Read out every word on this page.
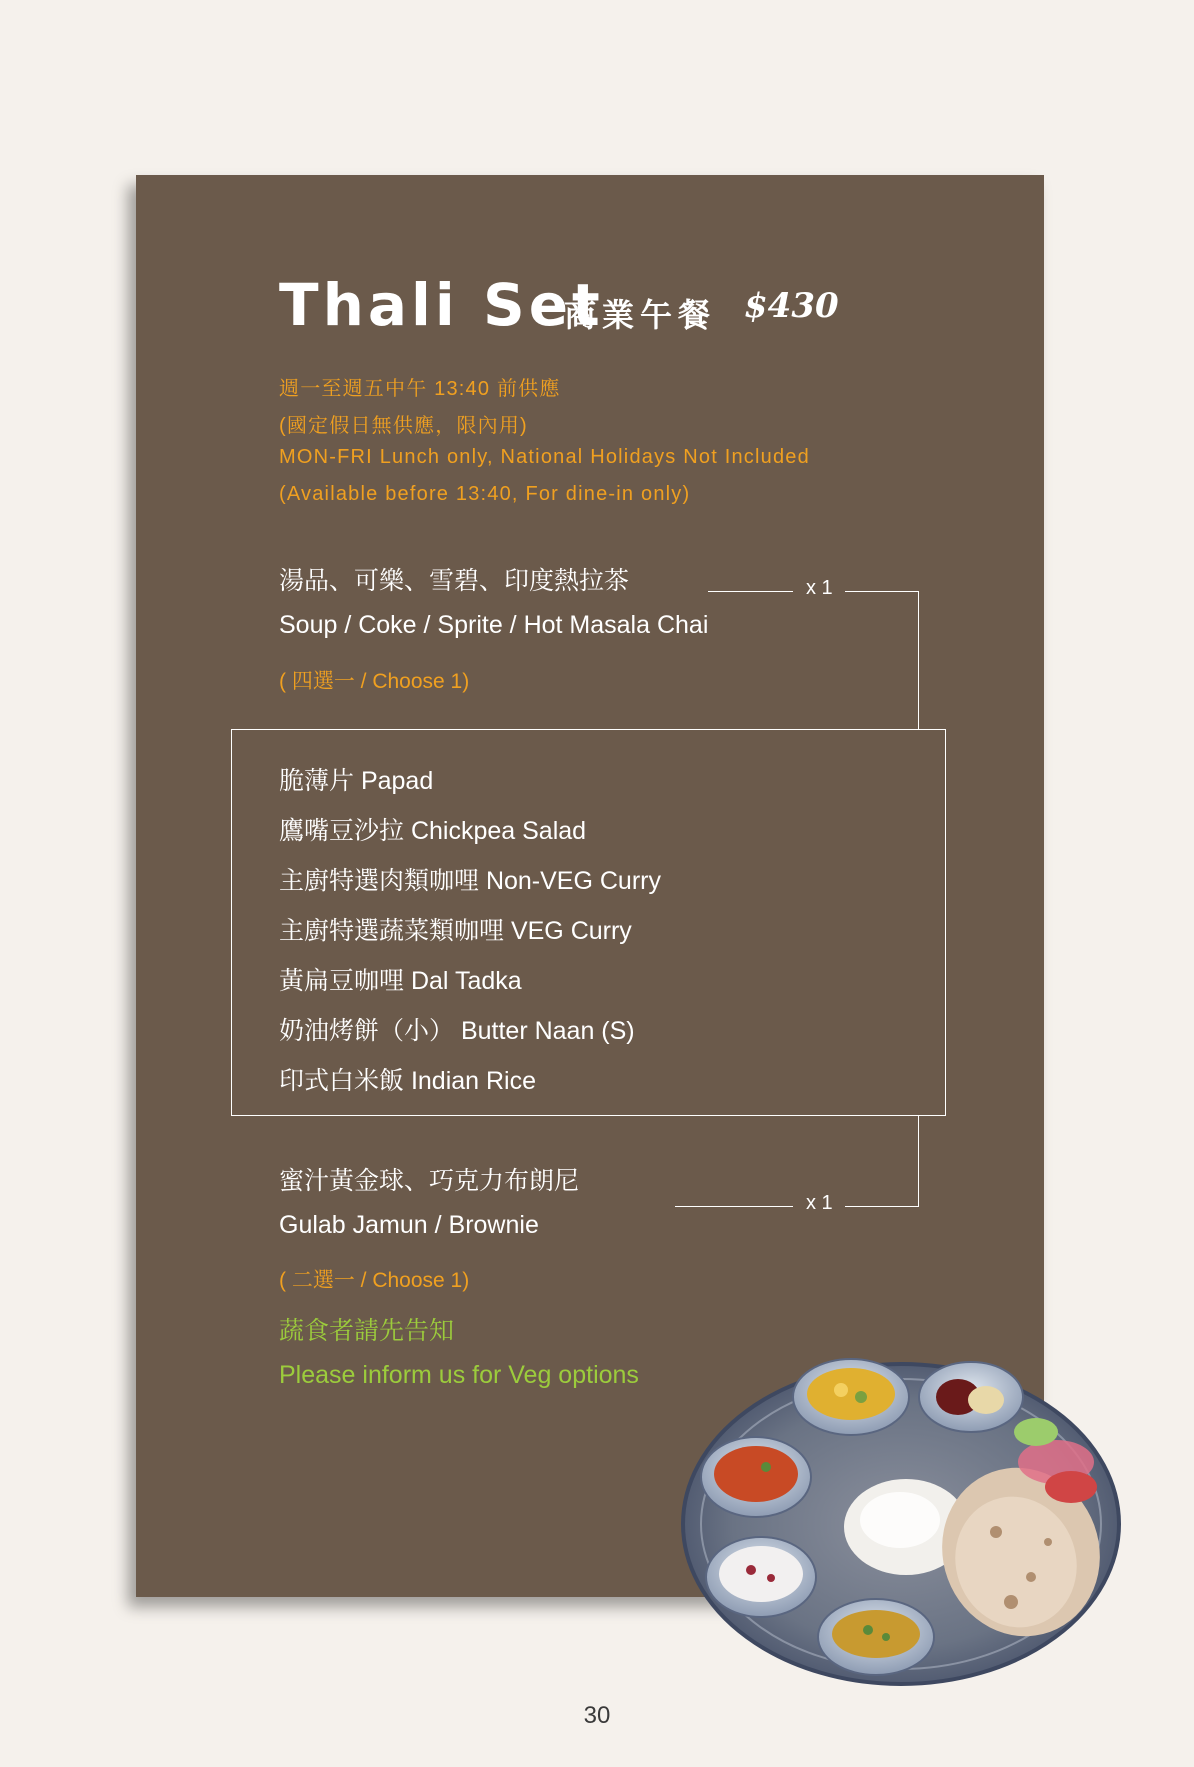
Thali Set
商業午餐 $430
週一至週五中午 13:40 前供應
(國定假日無供應，限內用)
MON-FRI Lunch only, National Holidays Not Included
(Available before 13:40, For dine-in only)
湯品、可樂、雪碧、印度熱拉茶
Soup / Coke / Sprite / Hot Masala Chai
( 四選一 / Choose 1)
x 1
脆薄片 Papad
鷹嘴豆沙拉 Chickpea Salad
主廚特選肉類咖哩 Non-VEG Curry
主廚特選蔬菜類咖哩 VEG Curry
黃扁豆咖哩 Dal Tadka
奶油烤餅（小） Butter Naan (S)
印式白米飯 Indian Rice
x 1
蜜汁黃金球、巧克力布朗尼
Gulab Jamun / Brownie
( 二選一 / Choose 1)
蔬食者請先告知
Please inform us for Veg options
30
